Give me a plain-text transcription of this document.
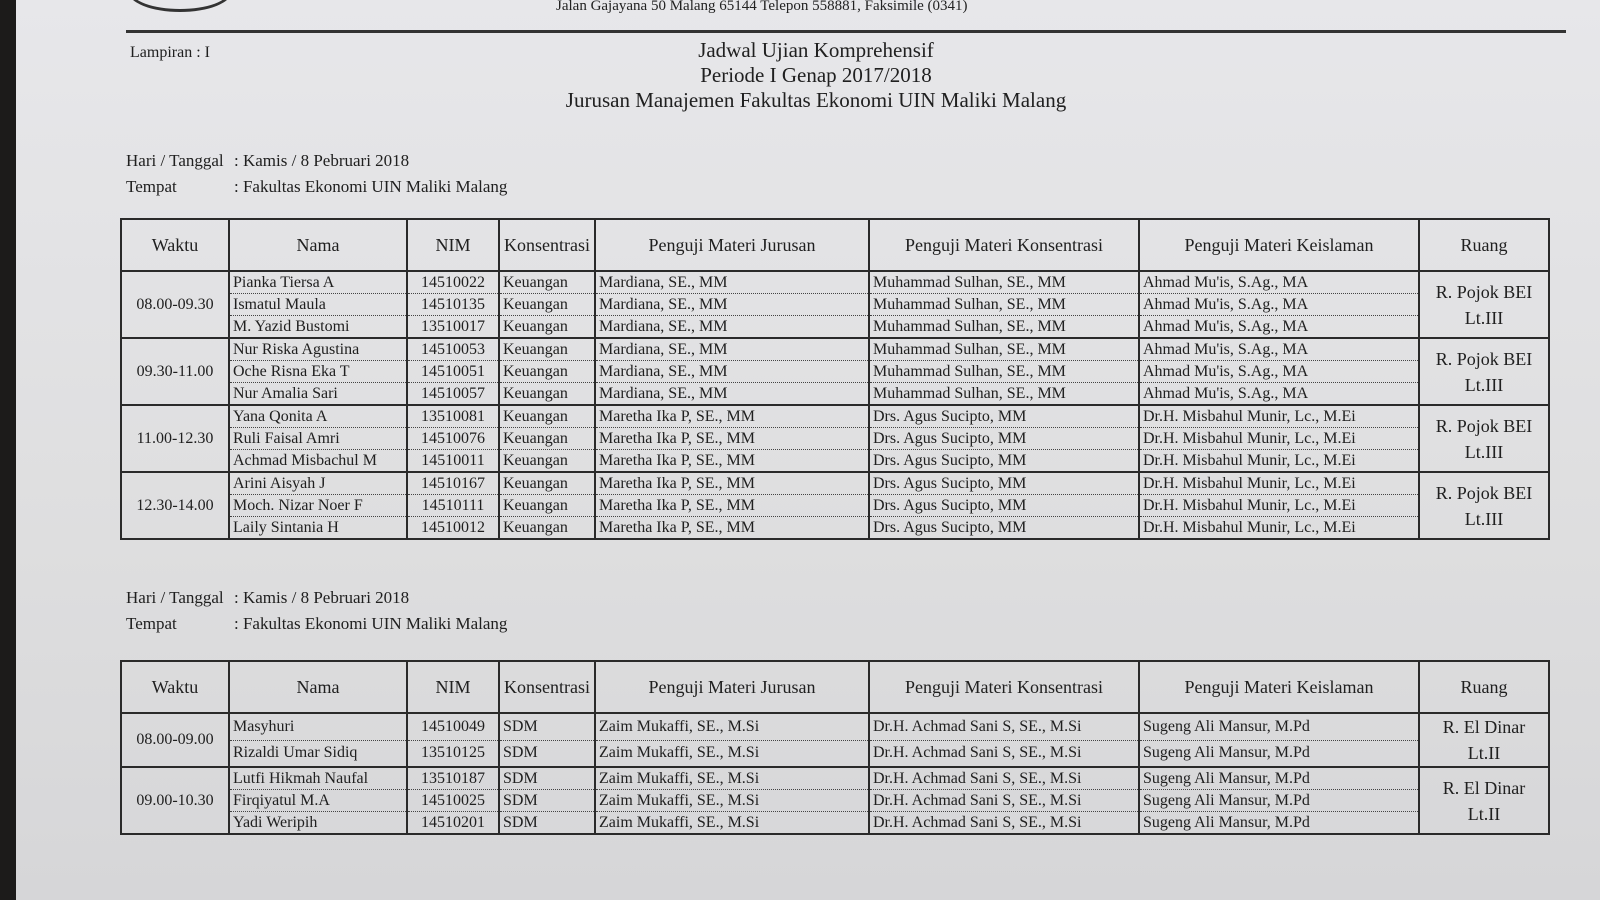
Jalan Gajayana 50 Malang 65144 Telepon 558881, Faksimile (0341)
Lampiran : I	Jadwal Ujian Komprehensif
Periode I Genap 2017/2018
Jurusan Manajemen Fakultas Ekonomi UIN Maliki Malang
Hari / Tanggal : Kamis / 8 Pebruari 2018
Tempat	: Fakultas Ekonomi UIN Maliki Malang
Waktu	Nama	NIM	Konsentrasi	Penguji Materi Jurusan	Penguji Materi Konsentrasi	Penguji Materi Keislaman	Ruang
08.00-09.30	Pianka Tiersa A	14510022	Keuangan	Mardiana, SE., MM	Muhammad Sulhan, SE., MM	Ahmad Mu'is, S.Ag., MA	R. Pojok BEI
Lt.III

	Ismatul Maula	14510135	Keuangan	Mardiana, SE., MM	Muhammad Sulhan, SE., MM	Ahmad Mu'is, S.Ag., MA	
	M. Yazid Bustomi	13510017	Keuangan	Mardiana, SE., MM	Muhammad Sulhan, SE., MM	Ahmad Mu'is, S.Ag., MA	
09.30-11.00	Nur Riska Agustina	14510053	Keuangan	Mardiana, SE., MM	Muhammad Sulhan, SE., MM	Ahmad Mu'is, S.Ag., MA	R. Pojok BEI
Lt.III

	Oche Risna Eka T	14510051	Keuangan	Mardiana, SE., MM	Muhammad Sulhan, SE., MM	Ahmad Mu'is, S.Ag., MA	
	Nur Amalia Sari	14510057	Keuangan	Mardiana, SE., MM	Muhammad Sulhan, SE., MM	Ahmad Mu'is, S.Ag., MA	
11.00-12.30	Yana Qonita A	13510081	Keuangan	Maretha Ika P, SE., MM	Drs. Agus Sucipto, MM	Dr.H. Misbahul Munir, Lc., M.Ei	R. Pojok BEI
Lt.III

	Ruli Faisal Amri	14510076	Keuangan	Maretha Ika P, SE., MM	Drs. Agus Sucipto, MM	Dr.H. Misbahul Munir, Lc., M.Ei	
	Achmad Misbachul M	14510011	Keuangan	Maretha Ika P, SE., MM	Drs. Agus Sucipto, MM	Dr.H. Misbahul Munir, Lc., M.Ei	
12.30-14.00	Arini Aisyah J	14510167	Keuangan	Maretha Ika P, SE., MM	Drs. Agus Sucipto, MM	Dr.H. Misbahul Munir, Lc., M.Ei	R. Pojok BEI
Lt.III

	Moch. Nizar Noer F	14510111	Keuangan	Maretha Ika P, SE., MM	Drs. Agus Sucipto, MM	Dr.H. Misbahul Munir, Lc., M.Ei	
	Laily Sintania H	14510012	Keuangan	Maretha Ika P, SE., MM	Drs. Agus Sucipto, MM	Dr.H. Misbahul Munir, Lc., M.Ei	
Hari / Tanggal : Kamis / 8 Pebruari 2018
Tempat	: Fakultas Ekonomi UIN Maliki Malang
Waktu	Nama	NIM	Konsentrasi	Penguji Materi Jurusan	Penguji Materi Konsentrasi	Penguji Materi Keislaman	Ruang
08.00-09.00	Masyhuri	14510049	SDM	Zaim Mukaffi, SE., M.Si	Dr.H. Achmad Sani S, SE., M.Si	Sugeng Ali Mansur, M.Pd	R. El Dinar
Lt.II

	Rizaldi Umar Sidiq	13510125	SDM	Zaim Mukaffi, SE., M.Si	Dr.H. Achmad Sani S, SE., M.Si	Sugeng Ali Mansur, M.Pd	
09.00-10.30	Lutfi Hikmah Naufal	13510187	SDM	Zaim Mukaffi, SE., M.Si	Dr.H. Achmad Sani S, SE., M.Si	Sugeng Ali Mansur, M.Pd	R. El Dinar
Lt.II

	Firqiyatul M.A	14510025	SDM	Zaim Mukaffi, SE., M.Si	Dr.H. Achmad Sani S, SE., M.Si	Sugeng Ali Mansur, M.Pd	
	Yadi Weripih	14510201	SDM	Zaim Mukaffi, SE., M.Si	Dr.H. Achmad Sani S, SE., M.Si	Sugeng Ali Mansur, M.Pd	
